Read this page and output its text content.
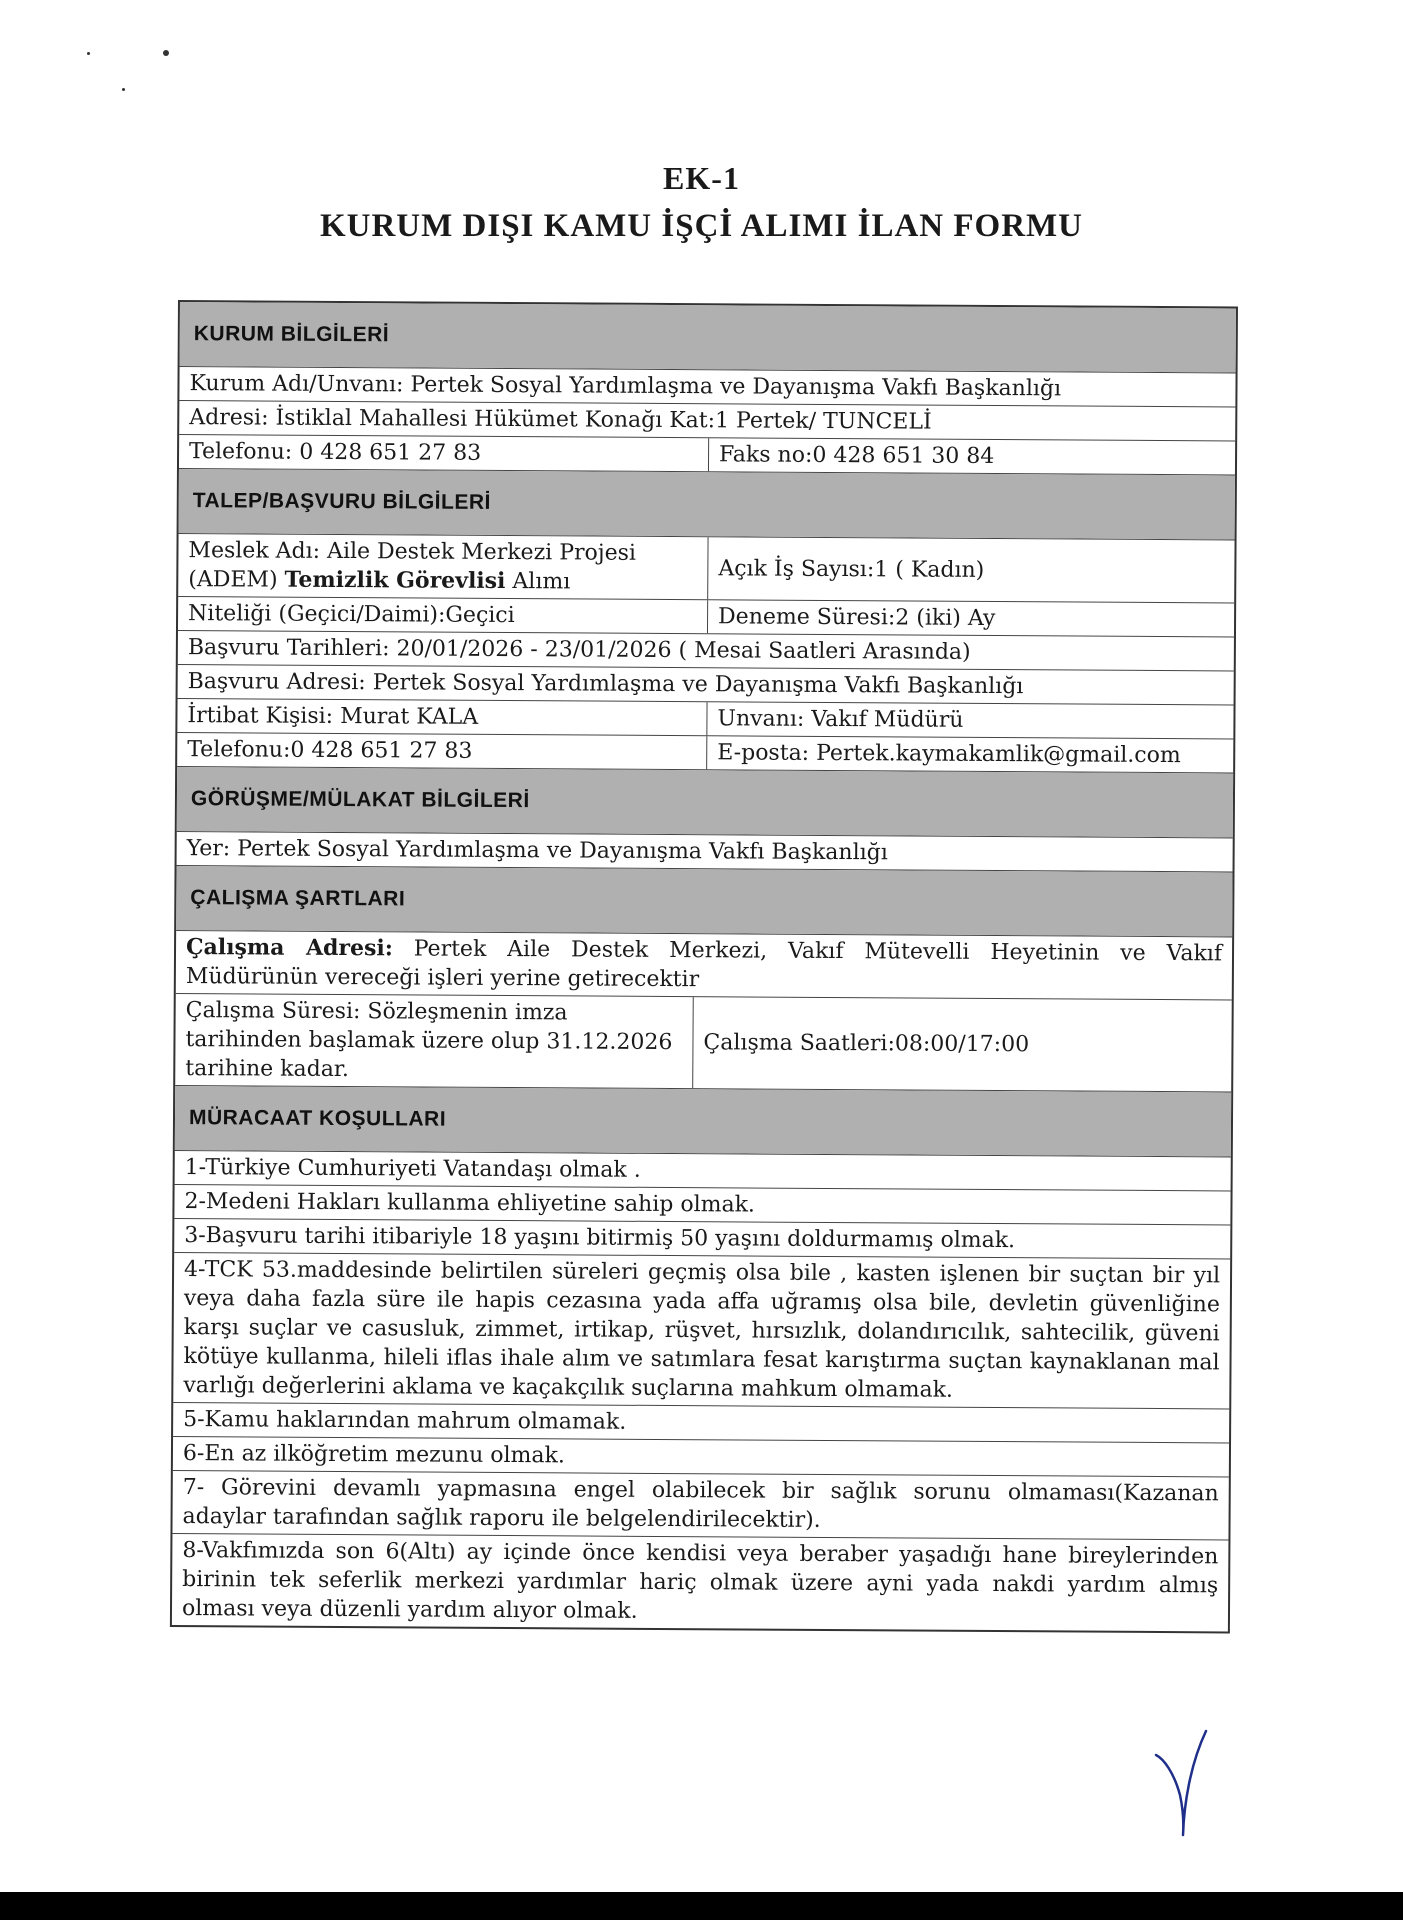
EK-1
KURUM DIŞI KAMU İŞÇİ ALIMI İLAN FORMU
KURUM BİLGİLERİ
Kurum Adı/Unvanı: Pertek Sosyal Yardımlaşma ve Dayanışma Vakfı Başkanlığı
Adresi: İstiklal Mahallesi Hükümet Konağı Kat:1 Pertek/ TUNCELİ
Telefonu: 0 428 651 27 83	Faks no:0 428 651 30 84
TALEP/BAŞVURU BİLGİLERİ
Meslek Adı: Aile Destek Merkezi Projesi (ADEM) Temizlik Görevlisi Alımı	Açık İş Sayısı:1 ( Kadın)
Niteliği (Geçici/Daimi):Geçici	Deneme Süresi:2 (iki) Ay
Başvuru Tarihleri: 20/01/2026 - 23/01/2026 ( Mesai Saatleri Arasında)
Başvuru Adresi: Pertek Sosyal Yardımlaşma ve Dayanışma Vakfı Başkanlığı
İrtibat Kişisi: Murat KALA	Unvanı: Vakıf Müdürü
Telefonu:0 428 651 27 83	E-posta: Pertek.kaymakamlik@gmail.com
GÖRÜŞME/MÜLAKAT BİLGİLERİ
Yer: Pertek Sosyal Yardımlaşma ve Dayanışma Vakfı Başkanlığı
ÇALIŞMA ŞARTLARI
Çalışma Adresi: Pertek Aile Destek Merkezi, Vakıf Mütevelli Heyetinin ve Vakıf Müdürünün vereceği işleri yerine getirecektir
Çalışma Süresi: Sözleşmenin imza tarihinden başlamak üzere olup 31.12.2026 tarihine kadar.
Çalışma Saatleri:08:00/17:00
MÜRACAAT KOŞULLARI
1-Türkiye Cumhuriyeti Vatandaşı olmak .
2-Medeni Hakları kullanma ehliyetine sahip olmak.
3-Başvuru tarihi itibariyle 18 yaşını bitirmiş 50 yaşını doldurmamış olmak.
4-TCK 53.maddesinde belirtilen süreleri geçmiş olsa bile , kasten işlenen bir suçtan bir yıl veya daha fazla süre ile hapis cezasına yada affa uğramış olsa bile, devletin güvenliğine karşı suçlar ve casusluk, zimmet, irtikap, rüşvet, hırsızlık, dolandırıcılık, sahtecilik, güveni kötüye kullanma, hileli iflas ihale alım ve satımlara fesat karıştırma suçtan kaynaklanan mal varlığı değerlerini aklama ve kaçakçılık suçlarına mahkum olmamak.
5-Kamu haklarından mahrum olmamak.
6-En az ilköğretim mezunu olmak.
7- Görevini devamlı yapmasına engel olabilecek bir sağlık sorunu olmaması(Kazanan adaylar tarafından sağlık raporu ile belgelendirilecektir).
8-Vakfımızda son 6(Altı) ay içinde önce kendisi veya beraber yaşadığı hane bireylerinden birinin tek seferlik merkezi yardımlar hariç olmak üzere ayni yada nakdi yardım almış olması veya düzenli yardım alıyor olmak.
